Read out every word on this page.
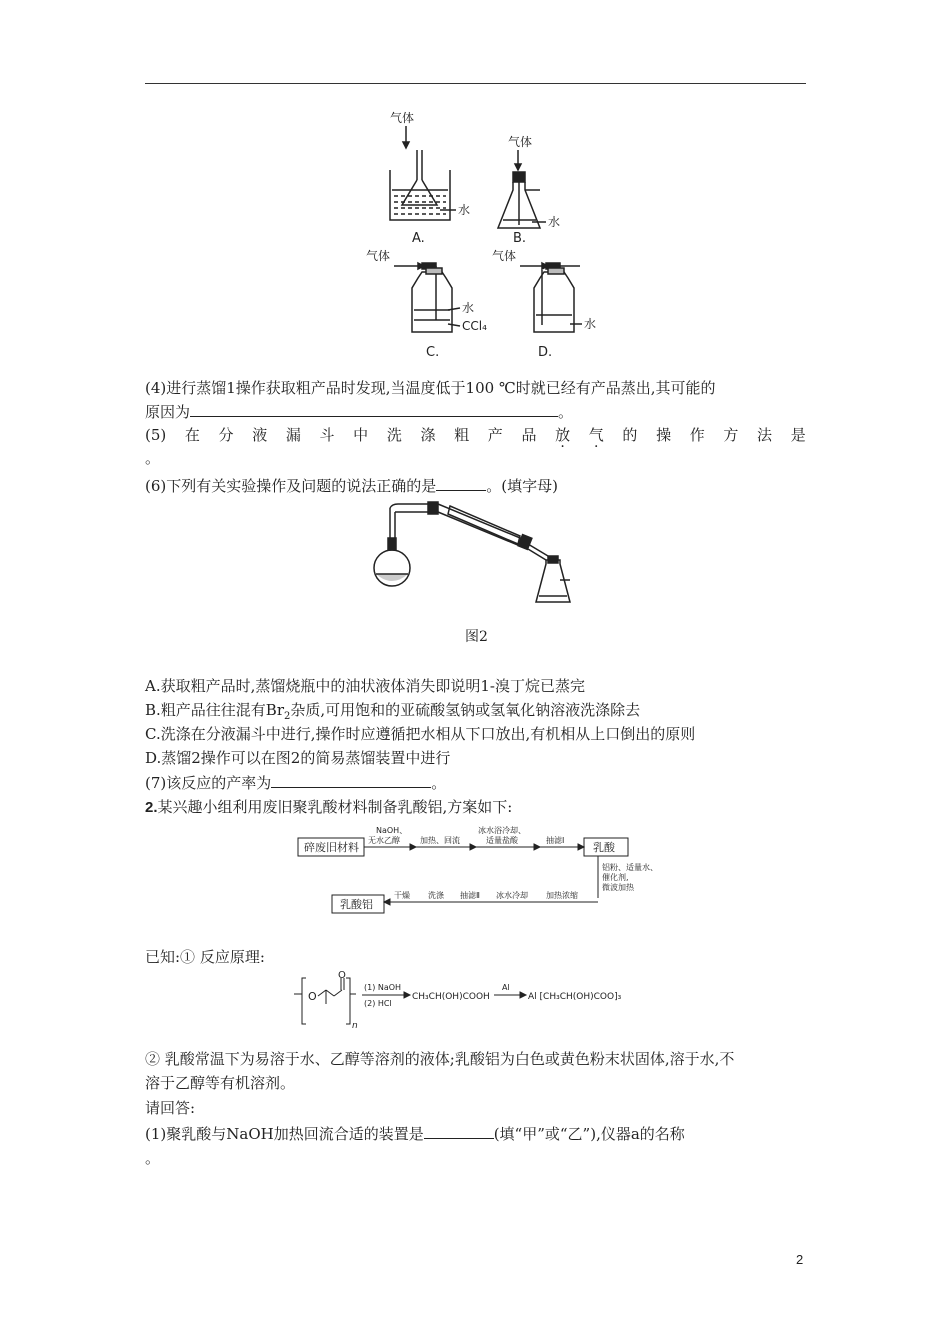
气体
水
A.
气体
水
B.
气体
水
CCl₄
C.
气体
水
D.
(4)进行蒸馏1操作获取粗产品时发现,当温度低于100 ℃时就已经有产品蒸出,其可能的
原因为	。
(5) 在 分 液 漏 斗 中 洗 涤 粗 产 品 放 · 气 · 的 操 作 方 法 是
。
(6)下列有关实验操作及问题的说法正确的是	。(填字母)
图2
A.获取粗产品时,蒸馏烧瓶中的油状液体消失即说明1-溴丁烷已蒸完
B.粗产品往往混有$Br_2$杂质,可用饱和的亚硫酸氢钠或氢氧化钠溶液洗涤除去
C.洗涤在分液漏斗中进行,操作时应遵循把水相从下口放出,有机相从上口倒出的原则
D.蒸馏2操作可以在图2的简易蒸馏装置中进行
(7)该反应的产率为	。
2.某兴趣小组利用废旧聚乳酸材料制备乳酸铝,方案如下:
碎废旧材料
NaOH、
无水乙醇	加热、回流
冰水浴冷却、
适量盐酸	抽滤Ⅰ
乳酸
铝粉、适量水、
催化剂,
微波加热
加热浓缩
冰水冷却
抽滤Ⅱ
洗涤
干燥
乳酸铝
已知:① 反应原理:
O
O
n
(1) NaOH
(2) HCl
CH₃CH(OH)COOH
Al
Al [CH₃CH(OH)COO]₃
② 乳酸常温下为易溶于水、乙醇等溶剂的液体;乳酸铝为白色或黄色粉末状固体,溶于水,不
溶于乙醇等有机溶剂。
请回答:
(1)聚乳酸与NaOH加热回流合适的装置是	(填“甲”或“乙”),仪器a的名称
。
2
